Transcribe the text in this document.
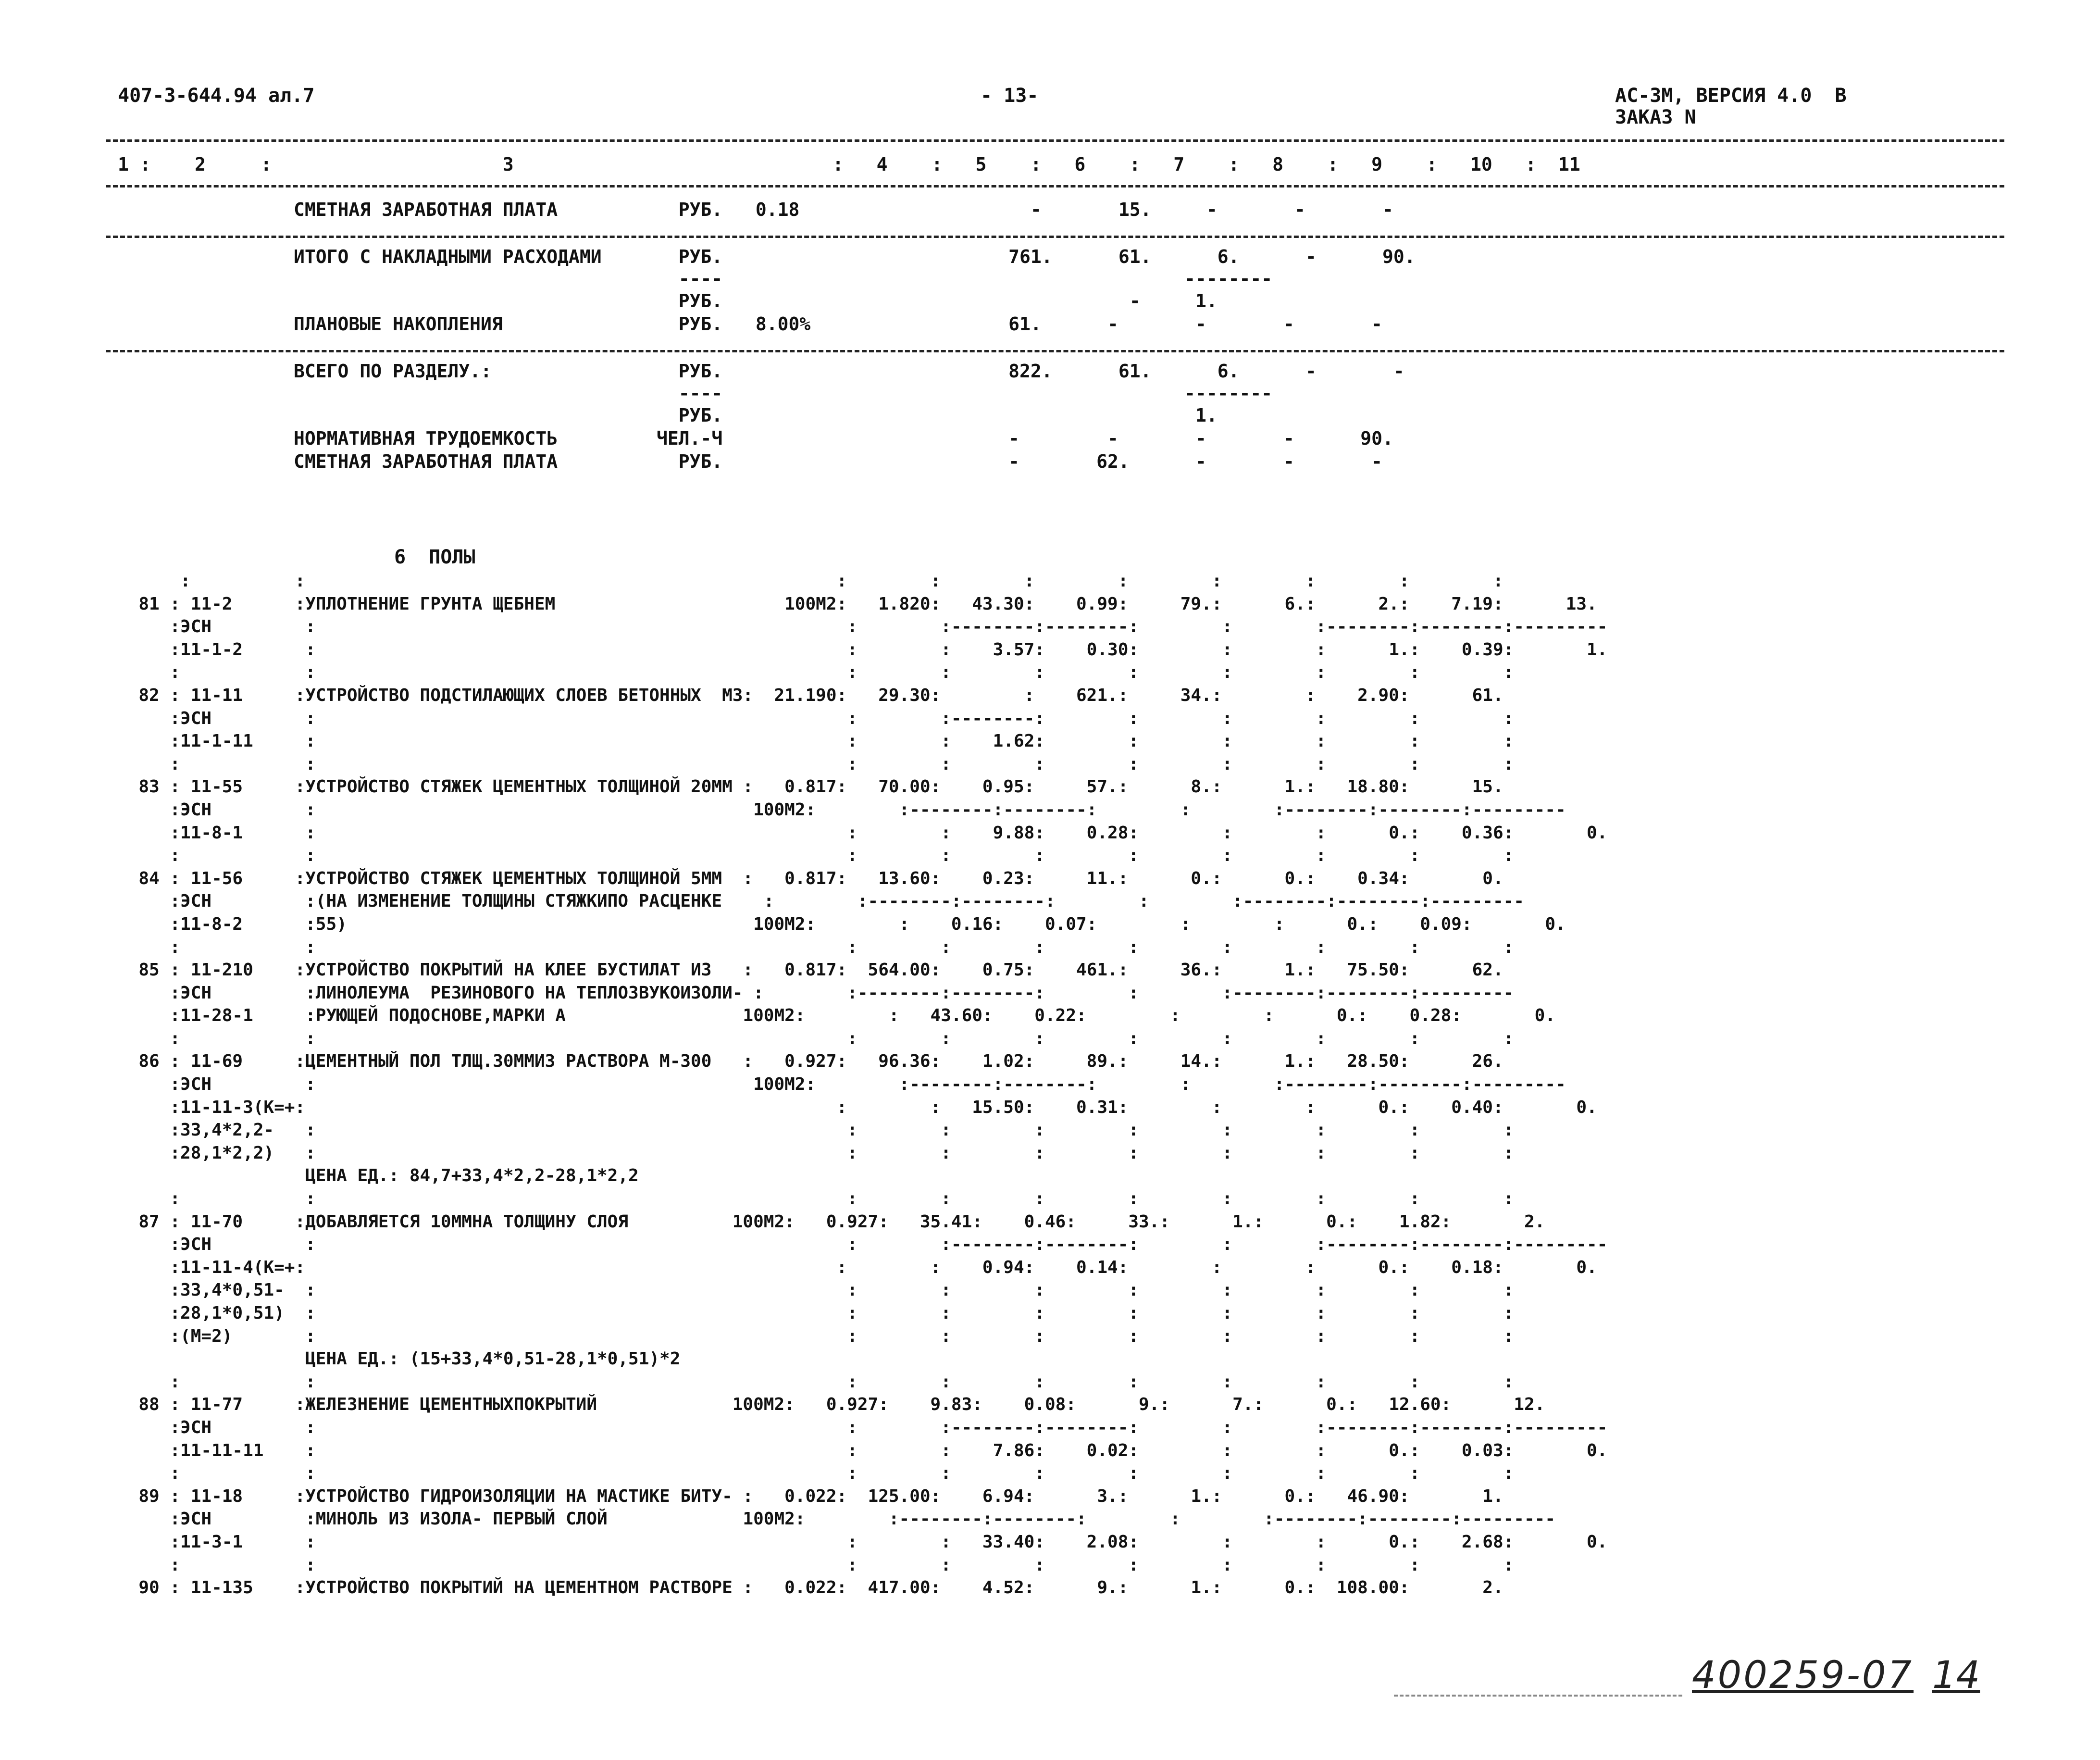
407-3-644.94 ал.7	- 13-	АС-3М, ВЕРСИЯ 4.0  В
ЗАКАЗ N
1 :    2     :                     3                             :   4    :   5    :   6    :   7    :   8    :   9    :   10   :  11
СМЕТНАЯ ЗАРАБОТНАЯ ПЛАТА           РУБ.   0.18                     -       15.     -       -       -
ИТОГО С НАКЛАДНЫМИ РАСХОДАМИ       РУБ.                          761.      61.      6.      -      90.
----                                          --------
РУБ.                                     -     1.
ПЛАНОВЫЕ НАКОПЛЕНИЯ                РУБ.   8.00%                  61.      -       -       -       -
ВСЕГО ПО РАЗДЕЛУ.:                 РУБ.                          822.      61.      6.      -       -
----                                          --------
РУБ.                                           1.
НОРМАТИВНАЯ ТРУДОЕМКОСТЬ         ЧЕЛ.-Ч                          -        -       -       -      90.
СМЕТНАЯ ЗАРАБОТНАЯ ПЛАТА           РУБ.                          -       62.      -       -       -
6  ПОЛЫ
:          :                                                   :        :        :        :        :        :        :        :
81 : 11-2      :УПЛОТНЕНИЕ ГРУНТА ЩЕБНЕМ                      100М2:   1.820:   43.30:    0.99:     79.:      6.:      2.:    7.19:      13.
:ЭСН         :                                                   :        :--------:--------:        :        :--------:--------:---------
:11-1-2      :                                                   :        :    3.57:    0.30:        :        :      1.:    0.39:       1.
:            :                                                   :        :        :        :        :        :        :        :
82 : 11-11     :УСТРОЙСТВО ПОДСТИЛАЮЩИХ СЛОЕВ БЕТОННЫХ  М3:  21.190:   29.30:        :    621.:     34.:        :    2.90:      61.
:ЭСН         :                                                   :        :--------:        :        :        :        :        :
:11-1-11     :                                                   :        :    1.62:        :        :        :        :        :
:            :                                                   :        :        :        :        :        :        :        :
83 : 11-55     :УСТРОЙСТВО СТЯЖЕК ЦЕМЕНТНЫХ ТОЛЩИНОЙ 20ММ :   0.817:   70.00:    0.95:     57.:      8.:      1.:   18.80:      15.
:ЭСН         :                                          100М2:        :--------:--------:        :        :--------:--------:---------
:11-8-1      :                                                   :        :    9.88:    0.28:        :        :      0.:    0.36:       0.
:            :                                                   :        :        :        :        :        :        :        :
84 : 11-56     :УСТРОЙСТВО СТЯЖЕК ЦЕМЕНТНЫХ ТОЛЩИНОЙ 5ММ  :   0.817:   13.60:    0.23:     11.:      0.:      0.:    0.34:       0.
:ЭСН         :(НА ИЗМЕНЕНИЕ ТОЛЩИНЫ СТЯЖКИПО РАСЦЕНКЕ    :        :--------:--------:        :        :--------:--------:---------
:11-8-2      :55)                                       100М2:        :    0.16:    0.07:        :        :      0.:    0.09:       0.
:            :                                                   :        :        :        :        :        :        :        :
85 : 11-210    :УСТРОЙСТВО ПОКРЫТИЙ НА КЛЕЕ БУСТИЛАТ ИЗ   :   0.817:  564.00:    0.75:    461.:     36.:      1.:   75.50:      62.
:ЭСН         :ЛИНОЛЕУМА  РЕЗИНОВОГО НА ТЕПЛОЗВУКОИЗОЛИ- :        :--------:--------:        :        :--------:--------:---------
:11-28-1     :РУЮЩЕЙ ПОДОСНОВЕ,МАРКИ А                 100М2:        :   43.60:    0.22:        :        :      0.:    0.28:       0.
:            :                                                   :        :        :        :        :        :        :        :
86 : 11-69     :ЦЕМЕНТНЫЙ ПОЛ ТЛЩ.30ММИЗ РАСТВОРА М-300   :   0.927:   96.36:    1.02:     89.:     14.:      1.:   28.50:      26.
:ЭСН         :                                          100М2:        :--------:--------:        :        :--------:--------:---------
:11-11-3(К=+:                                                   :        :   15.50:    0.31:        :        :      0.:    0.40:       0.
:33,4*2,2-   :                                                   :        :        :        :        :        :        :        :
:28,1*2,2)   :                                                   :        :        :        :        :        :        :        :
ЦЕНА ЕД.: 84,7+33,4*2,2-28,1*2,2
:            :                                                   :        :        :        :        :        :        :        :
87 : 11-70     :ДОБАВЛЯЕТСЯ 10ММНА ТОЛЩИНУ СЛОЯ          100М2:   0.927:   35.41:    0.46:     33.:      1.:      0.:    1.82:       2.
:ЭСН         :                                                   :        :--------:--------:        :        :--------:--------:---------
:11-11-4(К=+:                                                   :        :    0.94:    0.14:        :        :      0.:    0.18:       0.
:33,4*0,51-  :                                                   :        :        :        :        :        :        :        :
:28,1*0,51)  :                                                   :        :        :        :        :        :        :        :
:(М=2)       :                                                   :        :        :        :        :        :        :        :
ЦЕНА ЕД.: (15+33,4*0,51-28,1*0,51)*2
:            :                                                   :        :        :        :        :        :        :        :
88 : 11-77     :ЖЕЛЕЗНЕНИЕ ЦЕМЕНТНЫХПОКРЫТИЙ             100М2:   0.927:    9.83:    0.08:      9.:      7.:      0.:   12.60:      12.
:ЭСН         :                                                   :        :--------:--------:        :        :--------:--------:---------
:11-11-11    :                                                   :        :    7.86:    0.02:        :        :      0.:    0.03:       0.
:            :                                                   :        :        :        :        :        :        :        :
89 : 11-18     :УСТРОЙСТВО ГИДРОИЗОЛЯЦИИ НА МАСТИКЕ БИТУ- :   0.022:  125.00:    6.94:      3.:      1.:      0.:   46.90:       1.
:ЭСН         :МИНОЛЬ ИЗ ИЗОЛА- ПЕРВЫЙ СЛОЙ             100М2:        :--------:--------:        :        :--------:--------:---------
:11-3-1      :                                                   :        :   33.40:    2.08:        :        :      0.:    2.68:       0.
:            :                                                   :        :        :        :        :        :        :        :
90 : 11-135    :УСТРОЙСТВО ПОКРЫТИЙ НА ЦЕМЕНТНОМ РАСТВОРЕ :   0.022:  417.00:    4.52:      9.:      1.:      0.:  108.00:       2.
400259-07 14
